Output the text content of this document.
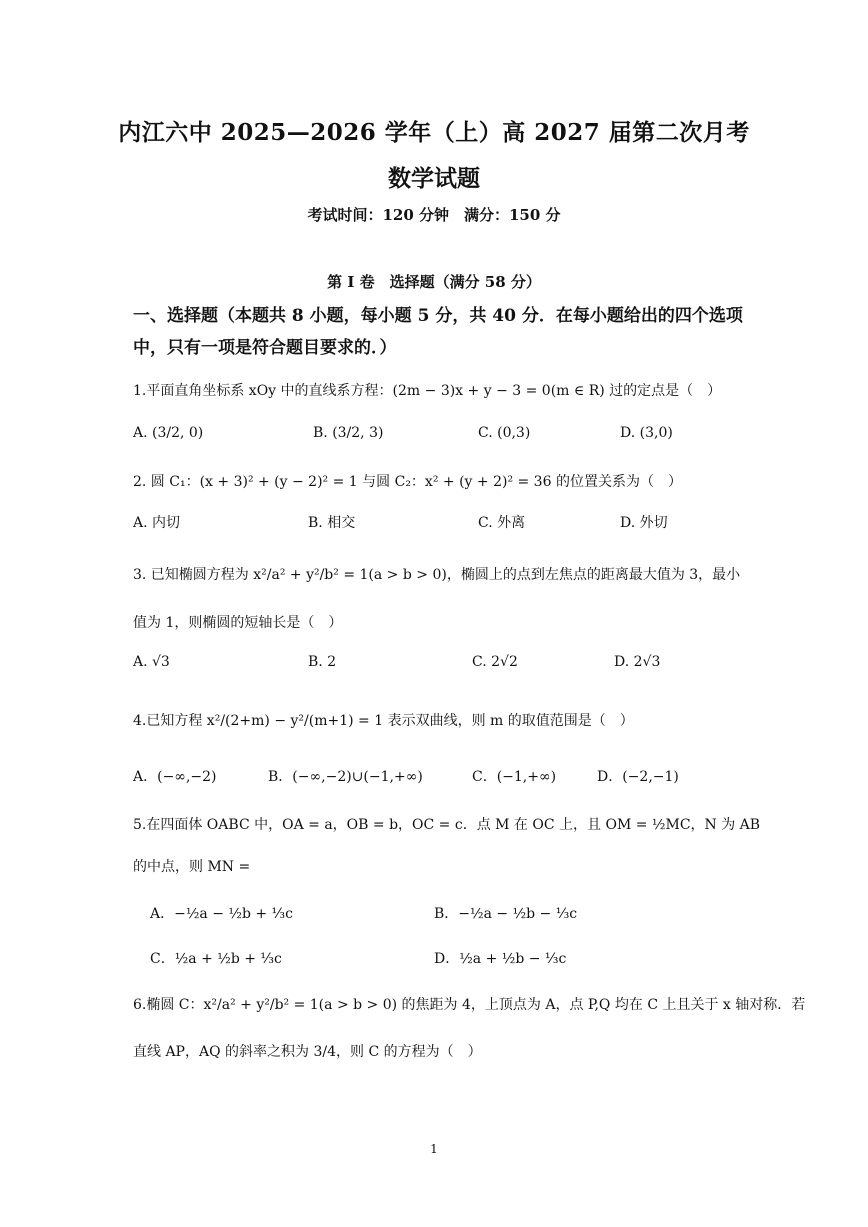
内江六中 2025—2026 学年（上）高 2027 届第二次月考
数学试题
考试时间：120 分钟　满分：150 分
第 I 卷　选择题（满分 58 分）
一、选择题（本题共 8 小题，每小题 5 分，共 40 分．在每小题给出的四个选项中，只有一项是符合题目要求的．）
1.平面直角坐标系 xOy 中的直线系方程：(2m − 3)x + y − 3 = 0(m ∈ R) 过的定点是（　）
A. (3/2, 0)	B. (3/2, 3)	C. (0,3)	D. (3,0)
2. 圆 C₁：(x + 3)² + (y − 2)² = 1 与圆 C₂：x² + (y + 2)² = 36 的位置关系为（　）
A. 内切	B. 相交	C. 外离	D. 外切
3. 已知椭圆方程为 x²/a² + y²/b² = 1(a > b > 0)，椭圆上的点到左焦点的距离最大值为 3，最小
值为 1，则椭圆的短轴长是（　）
A. √3	B. 2	C. 2√2	D. 2√3
4.已知方程 x²/(2+m) − y²/(m+1) = 1 表示双曲线，则 m 的取值范围是（　）
A．(−∞,−2)	B．(−∞,−2)∪(−1,+∞)	C．(−1,+∞)	D．(−2,−1)
5.在四面体 OABC 中，OA = a，OB = b，OC = c．点 M 在 OC 上，且 OM = ½MC，N 为 AB
的中点，则 MN =
A．−½a − ½b + ⅓c	B．−½a − ½b − ⅓c
C．½a + ½b + ⅓c	D．½a + ½b − ⅓c
6.椭圆 C：x²/a² + y²/b² = 1(a > b > 0) 的焦距为 4，上顶点为 A，点 P,Q 均在 C 上且关于 x 轴对称．若
直线 AP，AQ 的斜率之积为 3/4，则 C 的方程为（　）
1
